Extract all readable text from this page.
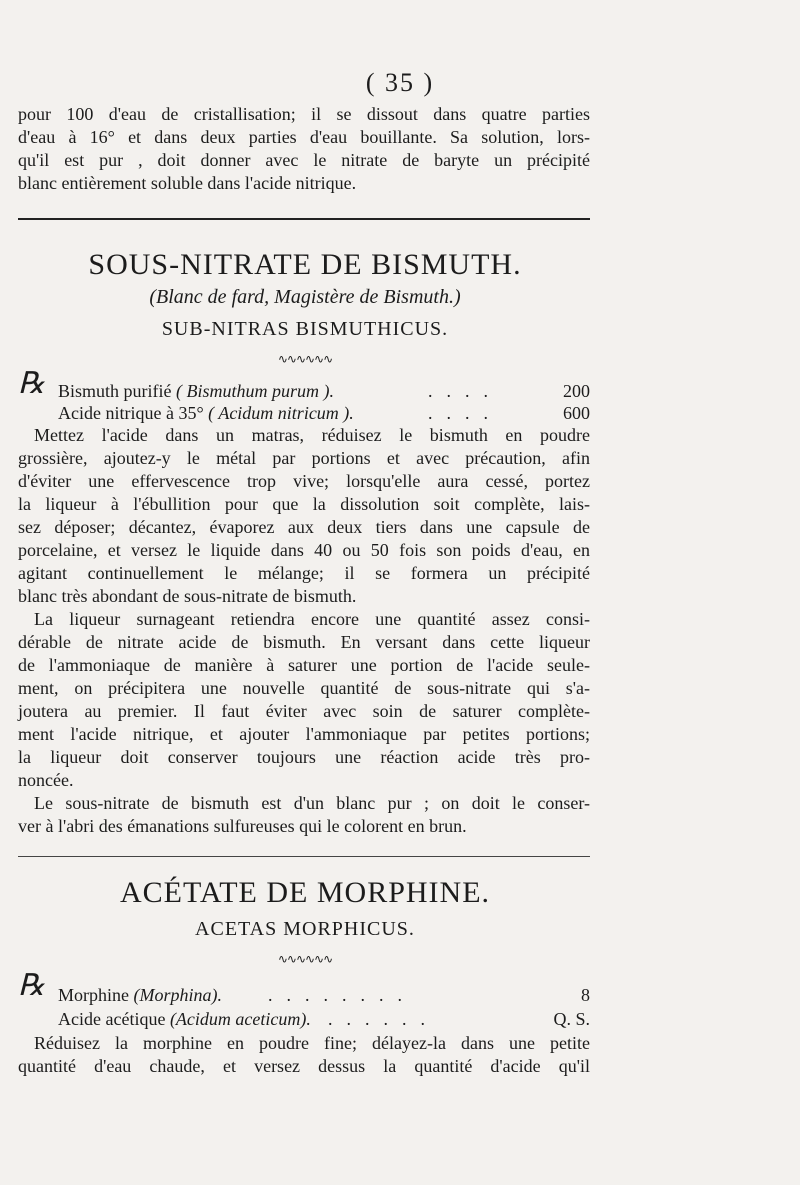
( 35 )
pour 100 d'eau de cristallisation; il se dissout dans quatre parties
d'eau à 16° et dans deux parties d'eau bouillante. Sa solution, lors-
qu'il est pur , doit donner avec le nitrate de baryte un précipité
blanc entièrement soluble dans l'acide nitrique.
SOUS-NITRATE DE BISMUTH.
(Blanc de fard, Magistère de Bismuth.)
SUB-NITRAS BISMUTHICUS.
∿∿∿∿∿∿
℞ Bismuth purifié ( Bismuthum purum ).	....	200
Acide nitrique à 35° ( Acidum nitricum ).	....	600
Mettez l'acide dans un matras, réduisez le bismuth en poudre
grossière, ajoutez-y le métal par portions et avec précaution, afin
d'éviter une effervescence trop vive; lorsqu'elle aura cessé, portez
la liqueur à l'ébullition pour que la dissolution soit complète, lais-
sez déposer; décantez, évaporez aux deux tiers dans une capsule de
porcelaine, et versez le liquide dans 40 ou 50 fois son poids d'eau, en
agitant continuellement le mélange; il se formera un précipité
blanc très abondant de sous-nitrate de bismuth.
La liqueur surnageant retiendra encore une quantité assez consi-
dérable de nitrate acide de bismuth. En versant dans cette liqueur
de l'ammoniaque de manière à saturer une portion de l'acide seule-
ment, on précipitera une nouvelle quantité de sous-nitrate qui s'a-
joutera au premier. Il faut éviter avec soin de saturer complète-
ment l'acide nitrique, et ajouter l'ammoniaque par petites portions;
la liqueur doit conserver toujours une réaction acide très pro-
noncée.
Le sous-nitrate de bismuth est d'un blanc pur ; on doit le conser-
ver à l'abri des émanations sulfureuses qui le colorent en brun.
ACÉTATE DE MORPHINE.
ACETAS MORPHICUS.
∿∿∿∿∿∿
℞ Morphine (Morphina).	........	8
Acide acétique (Acidum aceticum). ......	Q. S.
Réduisez la morphine en poudre fine; délayez-la dans une petite
quantité d'eau chaude, et versez dessus la quantité d'acide qu'il
